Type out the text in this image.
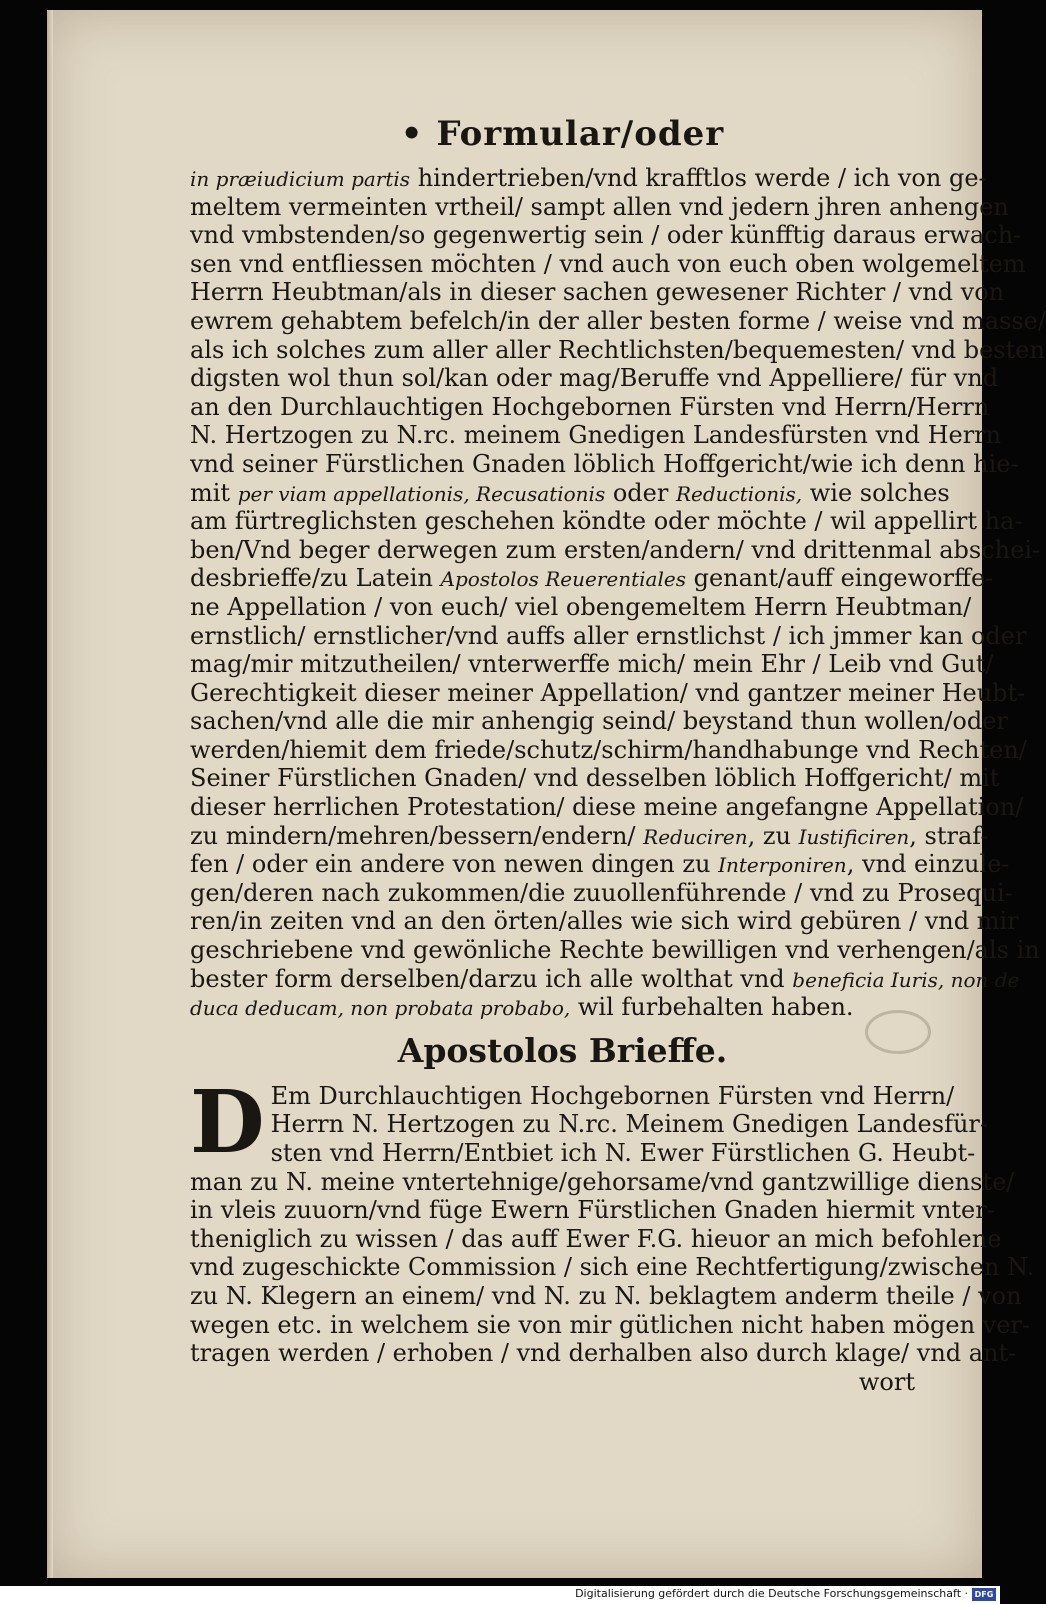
• Formular/oder
in præiudicium partis hindertrieben/vnd krafftlos werde / ich von ge-
meltem vermeinten vrtheil/ sampt allen vnd jedern jhren anhengen
vnd vmbstenden/so gegenwertig sein / oder künfftig daraus erwach-
sen vnd entfliessen möchten / vnd auch von euch oben wolgemeltem
Herrn Heubtman/als in dieser sachen gewesener Richter / vnd von
ewrem gehabtem befelch/in der aller besten forme / weise vnd masse/
als ich solches zum aller aller Rechtlichsten/bequemesten/ vnd besten
digsten wol thun sol/kan oder mag/Beruffe vnd Appelliere/ für vnd
an den Durchlauchtigen Hochgebornen Fürsten vnd Herrn/Herrn
N. Hertzogen zu N.rc. meinem Gnedigen Landesfürsten vnd Herrn
vnd seiner Fürstlichen Gnaden löblich Hoffgericht/wie ich denn hie-
mit per viam appellationis, Recusationis oder Reductionis, wie solches
am fürtreglichsten geschehen köndte oder möchte / wil appellirt ha-
ben/Vnd beger derwegen zum ersten/andern/ vnd drittenmal abschei-
desbrieffe/zu Latein Apostolos Reuerentiales genant/auff eingeworffe-
ne Appellation / von euch/ viel obengemeltem Herrn Heubtman/
ernstlich/ ernstlicher/vnd auffs aller ernstlichst / ich jmmer kan oder
mag/mir mitzutheilen/ vnterwerffe mich/ mein Ehr / Leib vnd Gut/
Gerechtigkeit dieser meiner Appellation/ vnd gantzer meiner Heubt-
sachen/vnd alle die mir anhengig seind/ beystand thun wollen/oder
werden/hiemit dem friede/schutz/schirm/handhabunge vnd Rechten/
Seiner Fürstlichen Gnaden/ vnd desselben löblich Hoffgericht/ mit
dieser herrlichen Protestation/ diese meine angefangne Appellation/
zu mindern/mehren/bessern/endern/ Reduciren, zu Iustificiren, straf-
fen / oder ein andere von newen dingen zu Interponiren, vnd einzule-
gen/deren nach zukommen/die zuuollenführende / vnd zu Prosequi-
ren/in zeiten vnd an den örten/alles wie sich wird gebüren / vnd mir
geschriebene vnd gewönliche Rechte bewilligen vnd verhengen/als in
bester form derselben/darzu ich alle wolthat vnd beneficia Iuris, non de
duca deducam, non probata probabo, wil furbehalten haben.
Apostolos Brieffe.
D Em Durchlauchtigen Hochgebornen Fürsten vnd Herrn/
Herrn N. Hertzogen zu N.rc. Meinem Gnedigen Landesfür-
sten vnd Herrn/Entbiet ich N. Ewer Fürstlichen G. Heubt-
man zu N. meine vntertehnige/gehorsame/vnd gantzwillige dienste/
in vleis zuuorn/vnd füge Ewern Fürstlichen Gnaden hiermit vnter-
theniglich zu wissen / das auff Ewer F.G. hieuor an mich befohlene
vnd zugeschickte Commission / sich eine Rechtfertigung/zwischen N.
zu N. Klegern an einem/ vnd N. zu N. beklagtem anderm theile / von
wegen etc. in welchem sie von mir gütlichen nicht haben mögen ver-
tragen werden / erhoben / vnd derhalben also durch klage/ vnd ant-
wort
Digitalisierung gefördert durch die Deutsche Forschungsgemeinschaft · DFG
